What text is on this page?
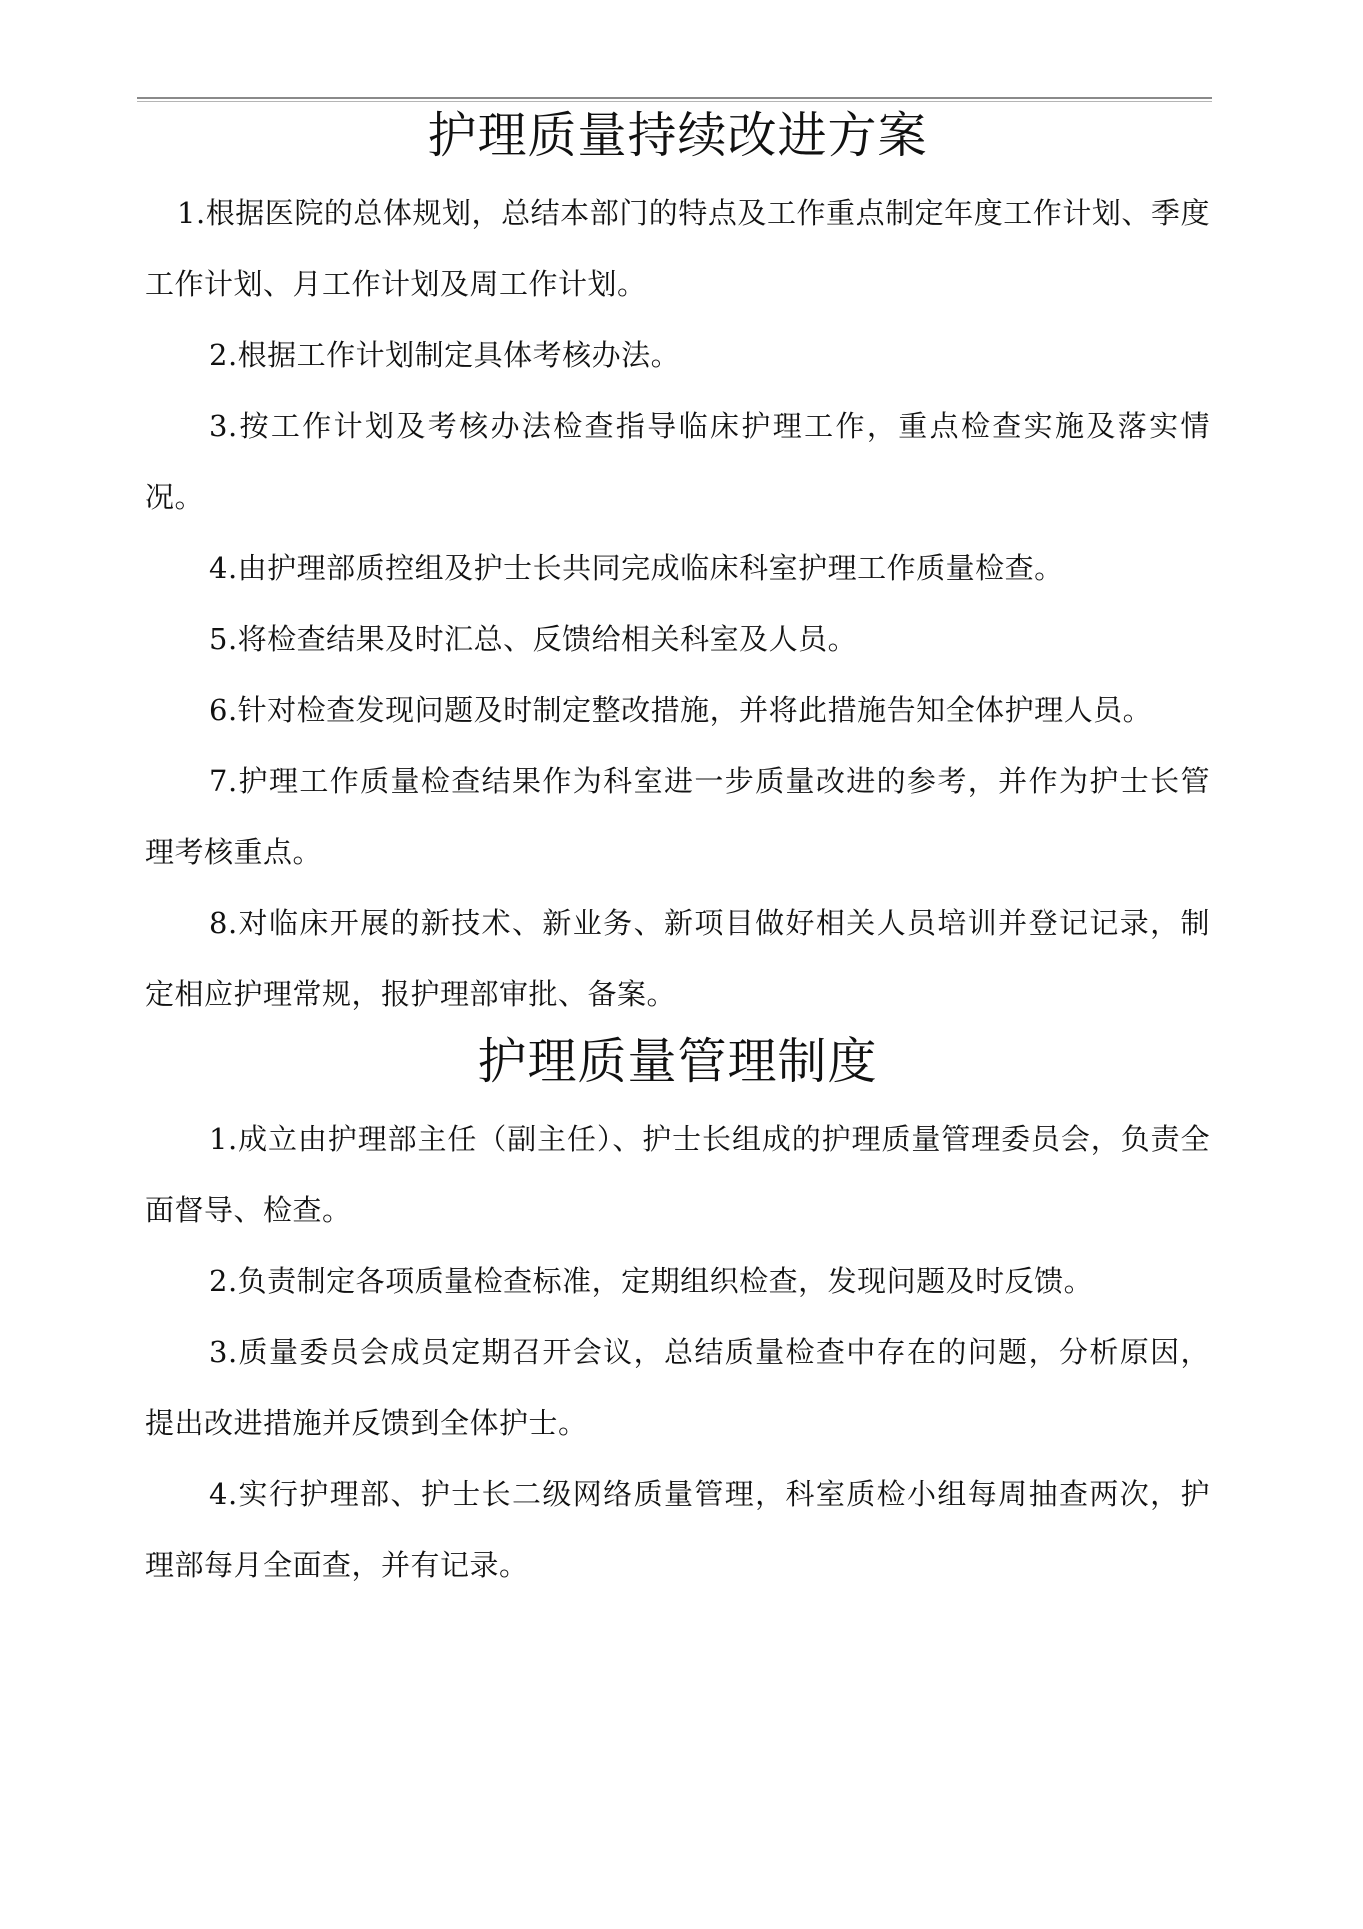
护理质量持续改进方案

1.根据医院的总体规划，总结本部门的特点及工作重点制定年度工作计划、季度工作计划、月工作计划及周工作计划。

2.根据工作计划制定具体考核办法。

3.按工作计划及考核办法检查指导临床护理工作，重点检查实施及落实情况。

4.由护理部质控组及护士长共同完成临床科室护理工作质量检查。

5.将检查结果及时汇总、反馈给相关科室及人员。

6.针对检查发现问题及时制定整改措施，并将此措施告知全体护理人员。

7.护理工作质量检查结果作为科室进一步质量改进的参考，并作为护士长管理考核重点。

8.对临床开展的新技术、新业务、新项目做好相关人员培训并登记记录，制定相应护理常规，报护理部审批、备案。

护理质量管理制度

1.成立由护理部主任（副主任）、护士长组成的护理质量管理委员会，负责全面督导、检查。

2.负责制定各项质量检查标准，定期组织检查，发现问题及时反馈。

3.质量委员会成员定期召开会议，总结质量检查中存在的问题，分析原因，提出改进措施并反馈到全体护士。

4.实行护理部、护士长二级网络质量管理，科室质检小组每周抽查两次，护理部每月全面查，并有记录。
